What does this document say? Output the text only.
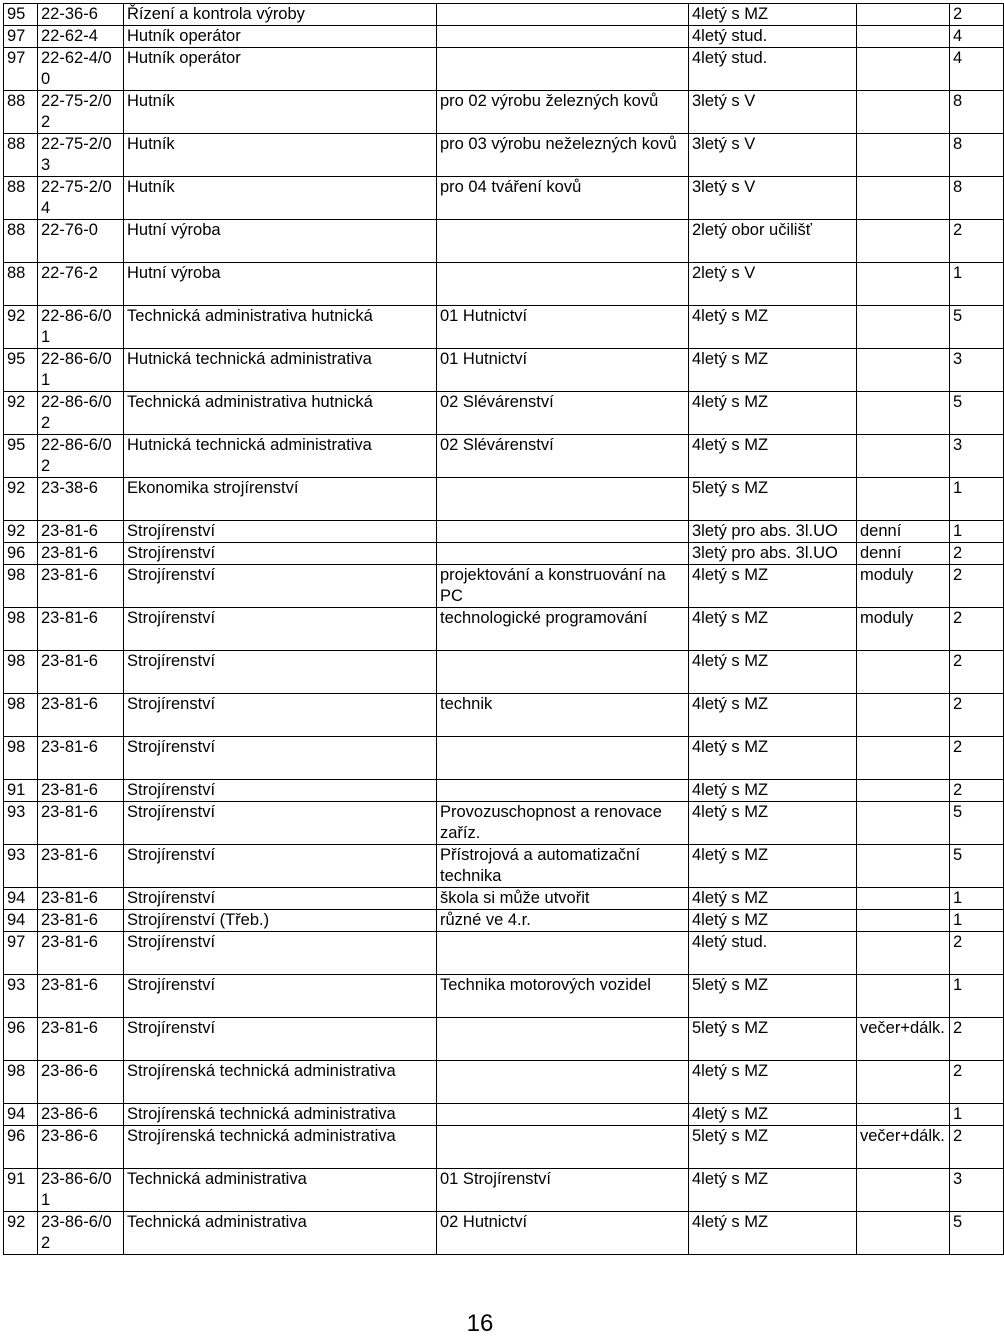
95	22-36-6	Řízení a kontrola výroby		4letý s MZ		2
97	22-62-4	Hutník operátor		4letý stud.		4
97	22-62-4/0 0	Hutník operátor		4letý stud.		4
88	22-75-2/0 2	Hutník	pro 02 výrobu železných kovů	3letý s V		8
88	22-75-2/0 3	Hutník	pro 03 výrobu neželezných kovů	3letý s V		8
88	22-75-2/0 4	Hutník	pro 04 tváření kovů	3letý s V		8
88	22-76-0	Hutní výroba		2letý obor učilišť		2
88	22-76-2	Hutní výroba		2letý s V		1
92	22-86-6/0 1	Technická administrativa hutnická	01 Hutnictví	4letý s MZ		5
95	22-86-6/0 1	Hutnická technická administrativa	01 Hutnictví	4letý s MZ		3
92	22-86-6/0 2	Technická administrativa hutnická	02 Slévárenství	4letý s MZ		5
95	22-86-6/0 2	Hutnická technická administrativa	02 Slévárenství	4letý s MZ		3
92	23-38-6	Ekonomika strojírenství		5letý s MZ		1
92	23-81-6	Strojírenství		3letý pro abs. 3l.UO	denní	1
96	23-81-6	Strojírenství		3letý pro abs. 3l.UO	denní	2
98	23-81-6	Strojírenství	projektování a konstruování na PC	4letý s MZ	moduly	2
98	23-81-6	Strojírenství	technologické programování	4letý s MZ	moduly	2
98	23-81-6	Strojírenství		4letý s MZ		2
98	23-81-6	Strojírenství	technik	4letý s MZ		2
98	23-81-6	Strojírenství		4letý s MZ		2
91	23-81-6	Strojírenství		4letý s MZ		2
93	23-81-6	Strojírenství	Provozuschopnost a renovace zaříz.	4letý s MZ		5
93	23-81-6	Strojírenství	Přístrojová a automatizační technika	4letý s MZ		5
94	23-81-6	Strojírenství	škola si může utvořit	4letý s MZ		1
94	23-81-6	Strojírenství (Třeb.)	různé ve 4.r.	4letý s MZ		1
97	23-81-6	Strojírenství		4letý stud.		2
93	23-81-6	Strojírenství	Technika motorových vozidel	5letý s MZ		1
96	23-81-6	Strojírenství		5letý s MZ	večer+dálk.	2
98	23-86-6	Strojírenská technická administrativa		4letý s MZ		2
94	23-86-6	Strojírenská technická administrativa		4letý s MZ		1
96	23-86-6	Strojírenská technická administrativa		5letý s MZ	večer+dálk.	2
91	23-86-6/0 1	Technická administrativa	01 Strojírenství	4letý s MZ		3
92	23-86-6/0 2	Technická administrativa	02 Hutnictví	4letý s MZ		5
16
